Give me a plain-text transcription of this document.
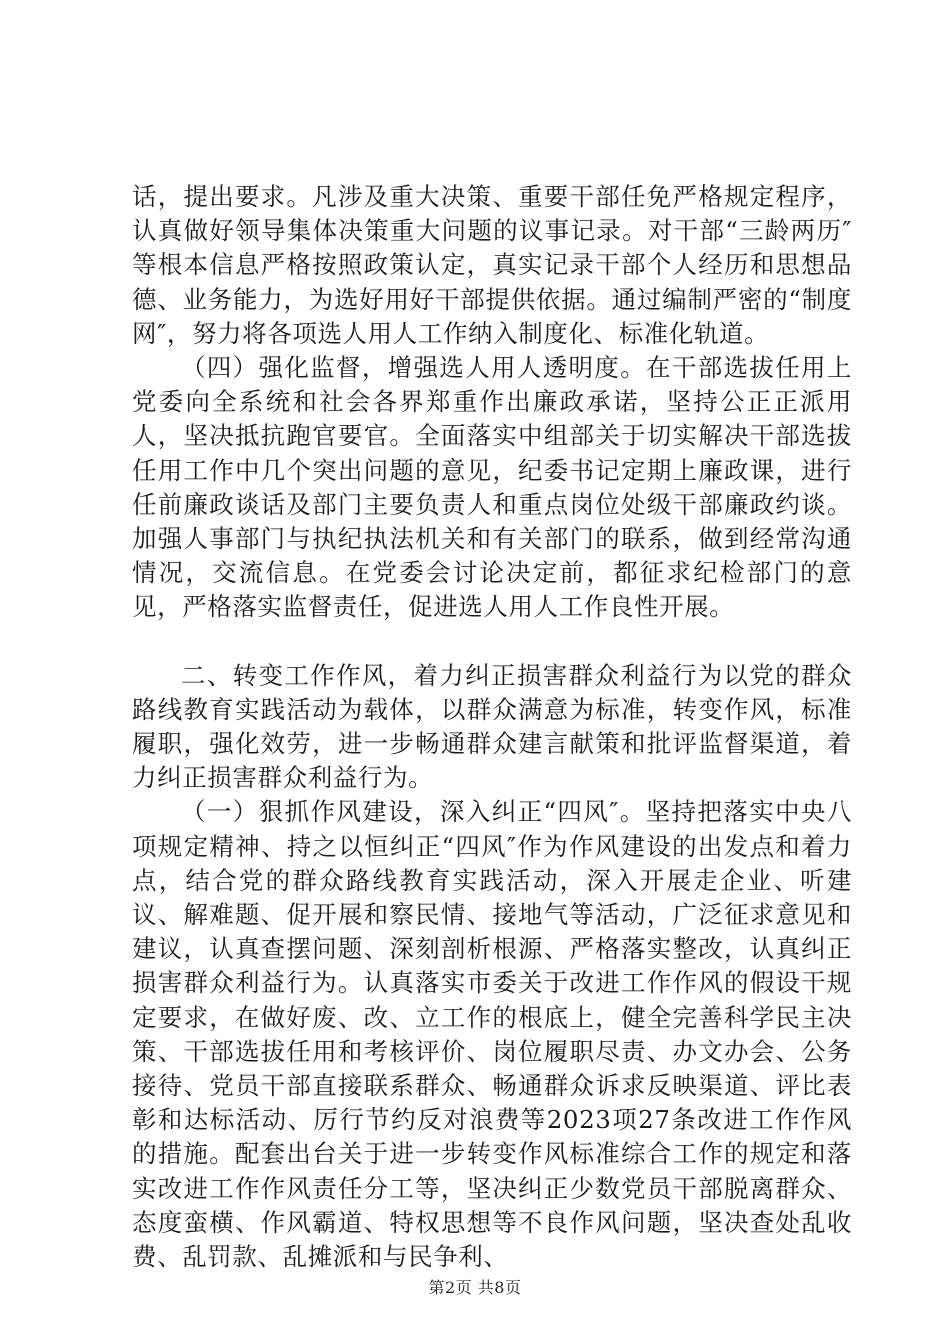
话，提出要求。凡涉及重大决策、重要干部任免严格规定程序，认真做好领导集体决策重大问题的议事记录。对干部“三龄两历″等根本信息严格按照政策认定，真实记录干部个人经历和思想品德、业务能力，为选好用好干部提供依据。通过编制严密的“制度网″，努力将各项选人用人工作纳入制度化、标准化轨道。

（四）强化监督，增强选人用人透明度。在干部选拔任用上党委向全系统和社会各界郑重作出廉政承诺，坚持公正正派用人，坚决抵抗跑官要官。全面落实中组部关于切实解决干部选拔任用工作中几个突出问题的意见，纪委书记定期上廉政课，进行任前廉政谈话及部门主要负责人和重点岗位处级干部廉政约谈。加强人事部门与执纪执法机关和有关部门的联系，做到经常沟通情况，交流信息。在党委会讨论决定前，都征求纪检部门的意见，严格落实监督责任，促进选人用人工作良性开展。

二、转变工作作风，着力纠正损害群众利益行为以党的群众路线教育实践活动为载体，以群众满意为标准，转变作风，标准履职，强化效劳，进一步畅通群众建言献策和批评监督渠道，着力纠正损害群众利益行为。

（一）狠抓作风建设，深入纠正“四风″。坚持把落实中央八项规定精神、持之以恒纠正“四风″作为作风建设的出发点和着力点，结合党的群众路线教育实践活动，深入开展走企业、听建议、解难题、促开展和察民情、接地气等活动，广泛征求意见和建议，认真查摆问题、深刻剖析根源、严格落实整改，认真纠正损害群众利益行为。认真落实市委关于改进工作作风的假设干规定要求，在做好废、改、立工作的根底上，健全完善科学民主决策、干部选拔任用和考核评价、岗位履职尽责、办文办会、公务接待、党员干部直接联系群众、畅通群众诉求反映渠道、评比表彰和达标活动、厉行节约反对浪费等2023项27条改进工作作风的措施。配套出台关于进一步转变作风标准综合工作的规定和落实改进工作作风责任分工等，坚决纠正少数党员干部脱离群众、态度蛮横、作风霸道、特权思想等不良作风问题，坚决查处乱收费、乱罚款、乱摊派和与民争利、

第2页 共8页
